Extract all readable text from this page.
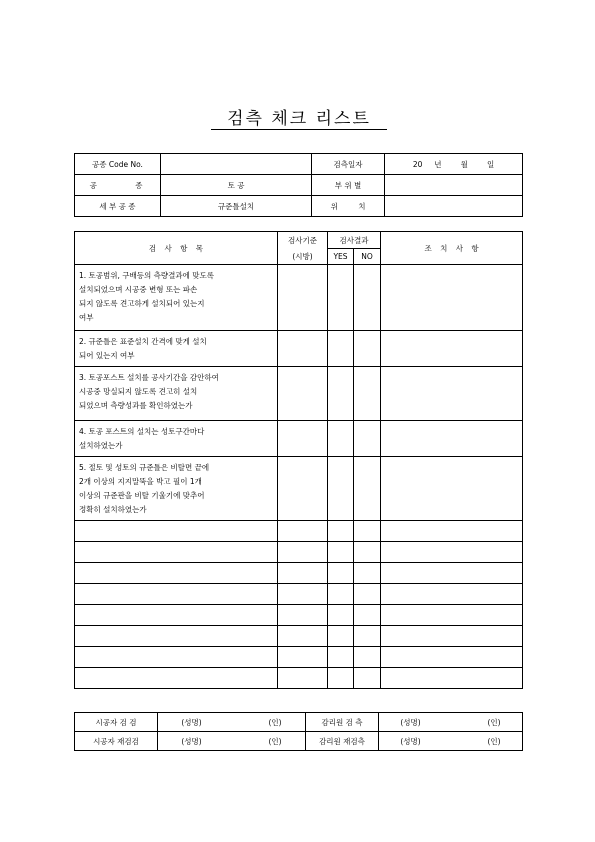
검측 체크 리스트
공종 Code No.		검측일자	20 년 월 일
공 종	토 공	부 위 별	
세 부 공 종	규준틀설치	위 치	
검 사 항 목	검사기준	검사결과		조 치 사 항
	(시방)	YES	NO	

1. 토공범위, 구배등의 측량결과에 맞도록
설치되었으며 시공중 변형 또는 파손
되지 않도록 견고하게 설치되어 있는지
여부				

2. 규준틀은 표준설치 간격에 맞게 설치
되어 있는지 여부				

3. 토공포스트 설치를 공사기간을 감안하여
시공중 망실되지 않도록 견고히 설치
되었으며 측량성과를 확인하였는가				

4. 토공 포스트의 설치는 성토구간마다
설치하였는가				

5. 절토 및 성토의 규준틀은 비탈면 끝에
2개 이상의 지지말뚝을 박고 필이 1개
이상의 규준판을 비탈 기울기에 맞추어
정확히 설치하였는가				

시공자 검 검	(성명) (인)	감리원 검 측	(성명) (인)
시공자 재검검	(성명) (인)	감리원 재검측	(성명) (인)
